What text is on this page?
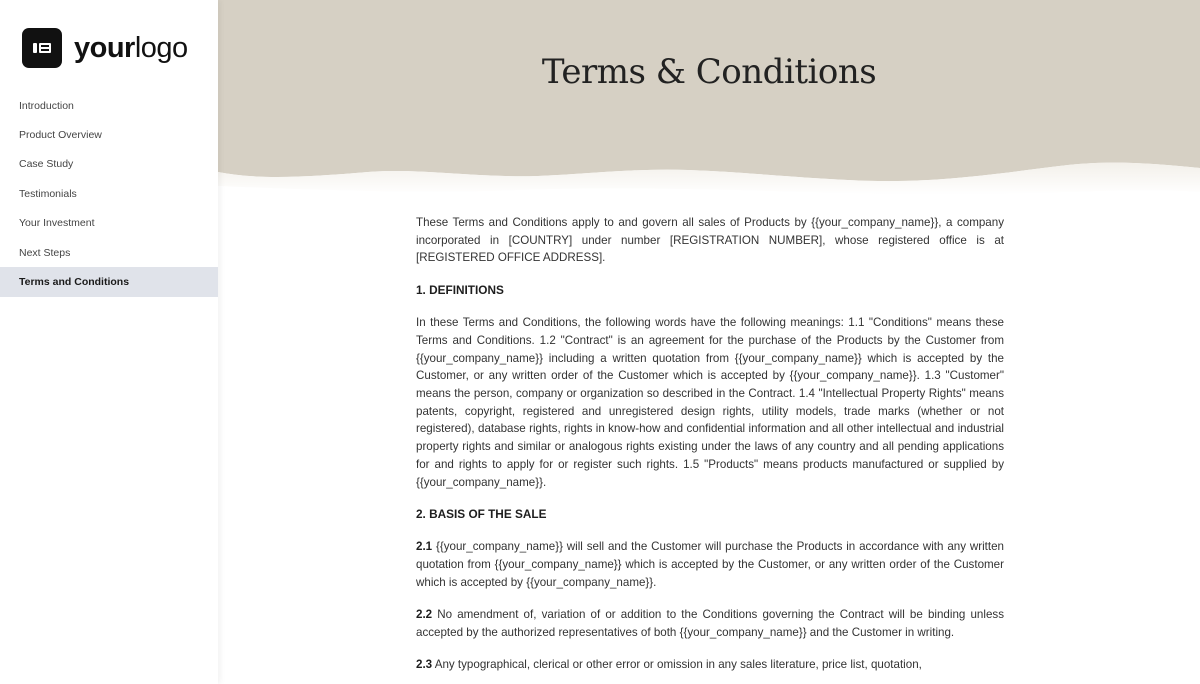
yourlogo
Introduction
Product Overview
Case Study
Testimonials
Your Investment
Next Steps
Terms and Conditions
Terms & Conditions

These Terms and Conditions apply to and govern all sales of Products by {{your_company_name}}, a company incorporated in [COUNTRY] under number [REGISTRATION NUMBER], whose registered office is at [REGISTERED OFFICE ADDRESS].

1. DEFINITIONS

In these Terms and Conditions, the following words have the following meanings: 1.1 "Conditions" means these Terms and Conditions. 1.2 "Contract" is an agreement for the purchase of the Products by the Customer from {{your_company_name}} including a written quotation from {{your_company_name}} which is accepted by the Customer, or any written order of the Customer which is accepted by {{your_company_name}}. 1.3 "Customer" means the person, company or organization so described in the Contract. 1.4 "Intellectual Property Rights" means patents, copyright, registered and unregistered design rights, utility models, trade marks (whether or not registered), database rights, rights in know-how and confidential information and all other intellectual and industrial property rights and similar or analogous rights existing under the laws of any country and all pending applications for and rights to apply for or register such rights. 1.5 "Products" means products manufactured or supplied by {{your_company_name}}.

2. BASIS OF THE SALE

2.1 {{your_company_name}} will sell and the Customer will purchase the Products in accordance with any written quotation from {{your_company_name}} which is accepted by the Customer, or any written order of the Customer which is accepted by {{your_company_name}}.

2.2 No amendment of, variation of or addition to the Conditions governing the Contract will be binding unless accepted by the authorized representatives of both {{your_company_name}} and the Customer in writing.

2.3 Any typographical, clerical or other error or omission in any sales literature, price list, quotation,
